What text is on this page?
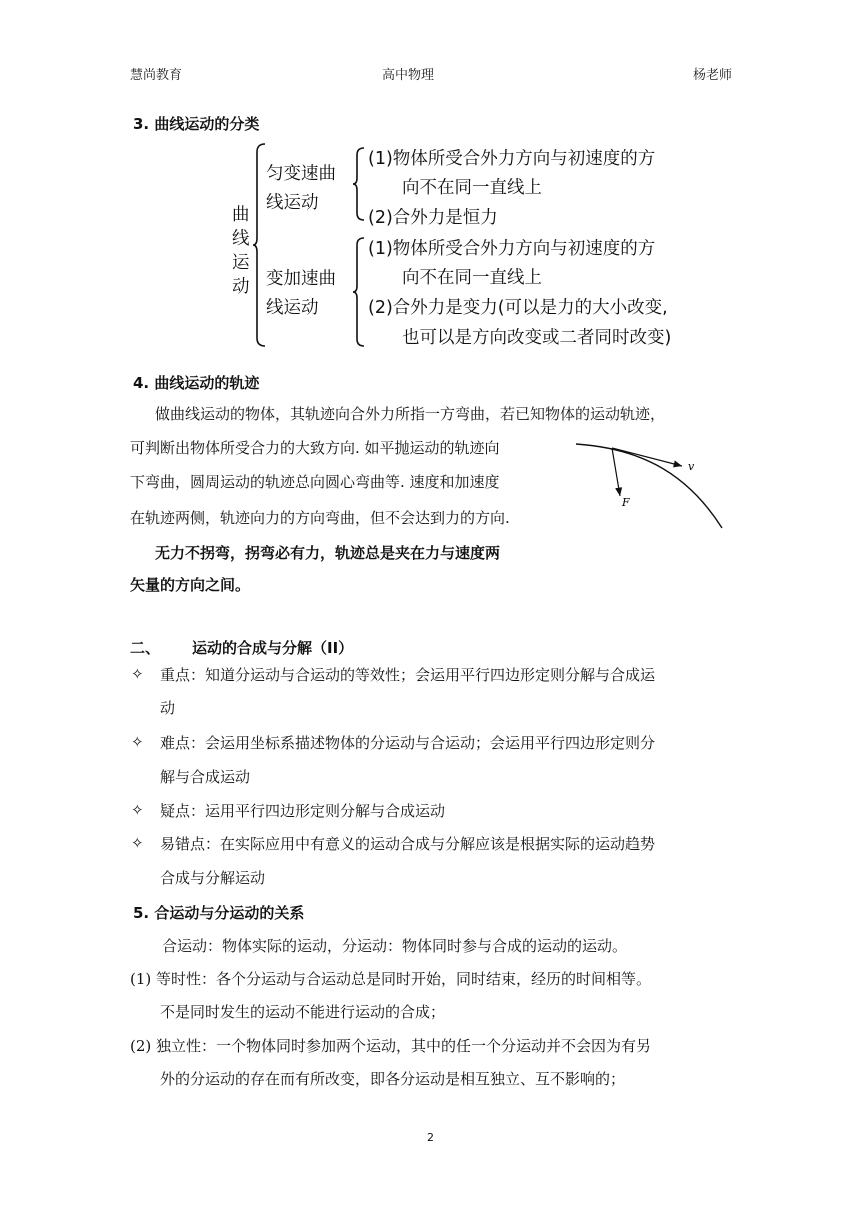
慧尚教育	高中物理	杨老师
3. 曲线运动的分类
曲
线
运
动
匀变速曲
线运动
(1)物体所受合外力方向与初速度的方
向不在同一直线上
(2)合外力是恒力
变加速曲
线运动
(1)物体所受合外力方向与初速度的方
向不在同一直线上
(2)合外力是变力(可以是力的大小改变,
也可以是方向改变或二者同时改变)
4. 曲线运动的轨迹
做曲线运动的物体，其轨迹向合外力所指一方弯曲，若已知物体的运动轨迹，
可判断出物体所受合力的大致方向. 如平抛运动的轨迹向
下弯曲，圆周运动的轨迹总向圆心弯曲等. 速度和加速度
在轨迹两侧，轨迹向力的方向弯曲，但不会达到力的方向.
无力不拐弯，拐弯必有力，轨迹总是夹在力与速度两
矢量的方向之间。
v
F
二、 运动的合成与分解（II）
✧ 重点：知道分运动与合运动的等效性；会运用平行四边形定则分解与合成运
动
✧ 难点：会运用坐标系描述物体的分运动与合运动；会运用平行四边形定则分
解与合成运动
✧ 疑点：运用平行四边形定则分解与合成运动
✧ 易错点：在实际应用中有意义的运动合成与分解应该是根据实际的运动趋势
合成与分解运动
5. 合运动与分运动的关系
合运动：物体实际的运动，分运动：物体同时参与合成的运动的运动。
(1) 等时性：各个分运动与合运动总是同时开始，同时结束，经历的时间相等。
不是同时发生的运动不能进行运动的合成；
(2) 独立性：一个物体同时参加两个运动，其中的任一个分运动并不会因为有另
外的分运动的存在而有所改变，即各分运动是相互独立、互不影响的；
2
